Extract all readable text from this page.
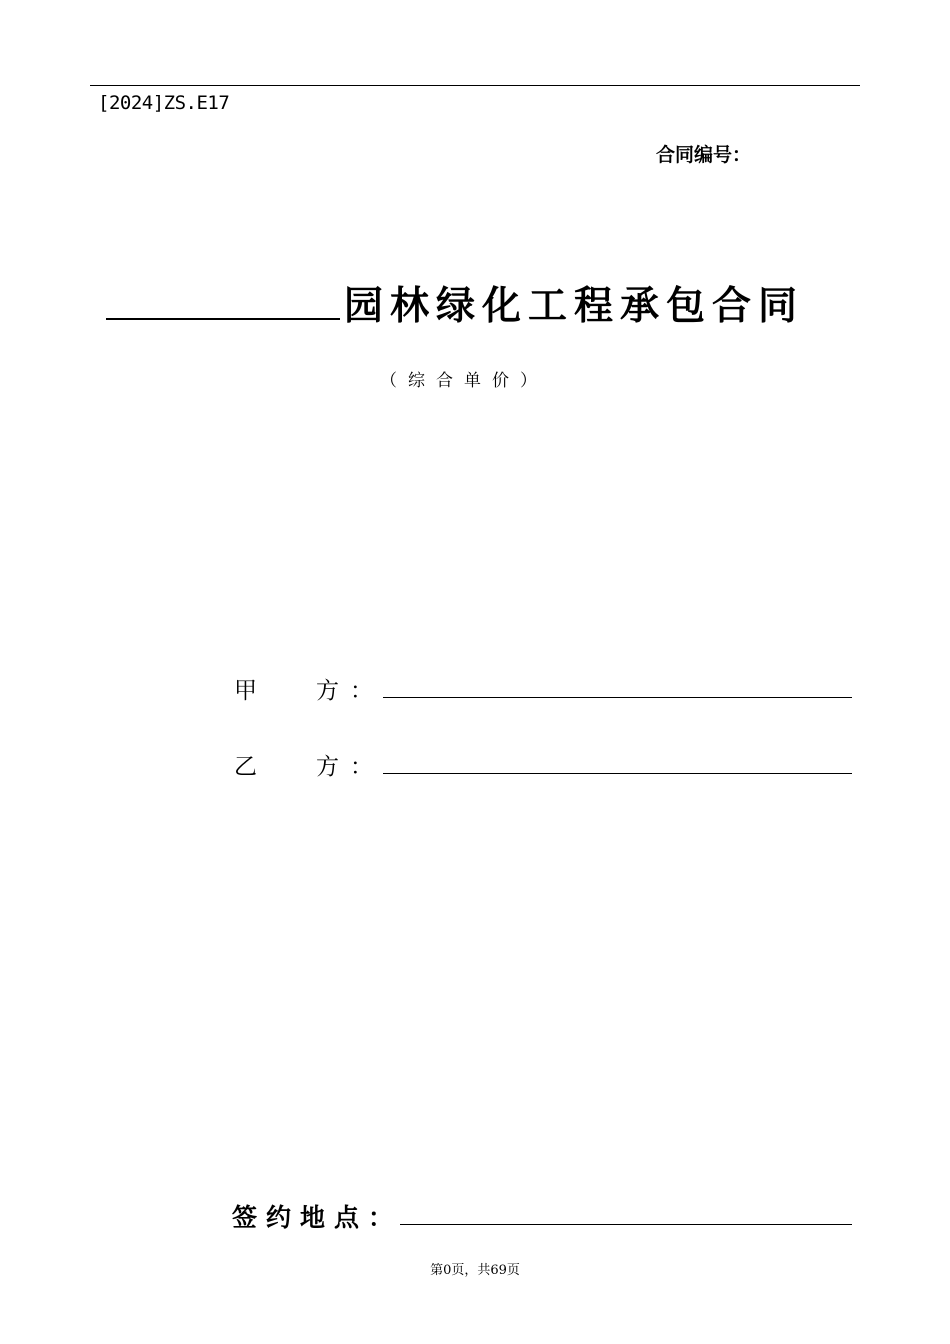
[2024]ZS.E17
合同编号：
园林绿化工程承包合同
（综合单价）
甲	方 ：
乙	方 ：
签约地点：
第0页，共69页
